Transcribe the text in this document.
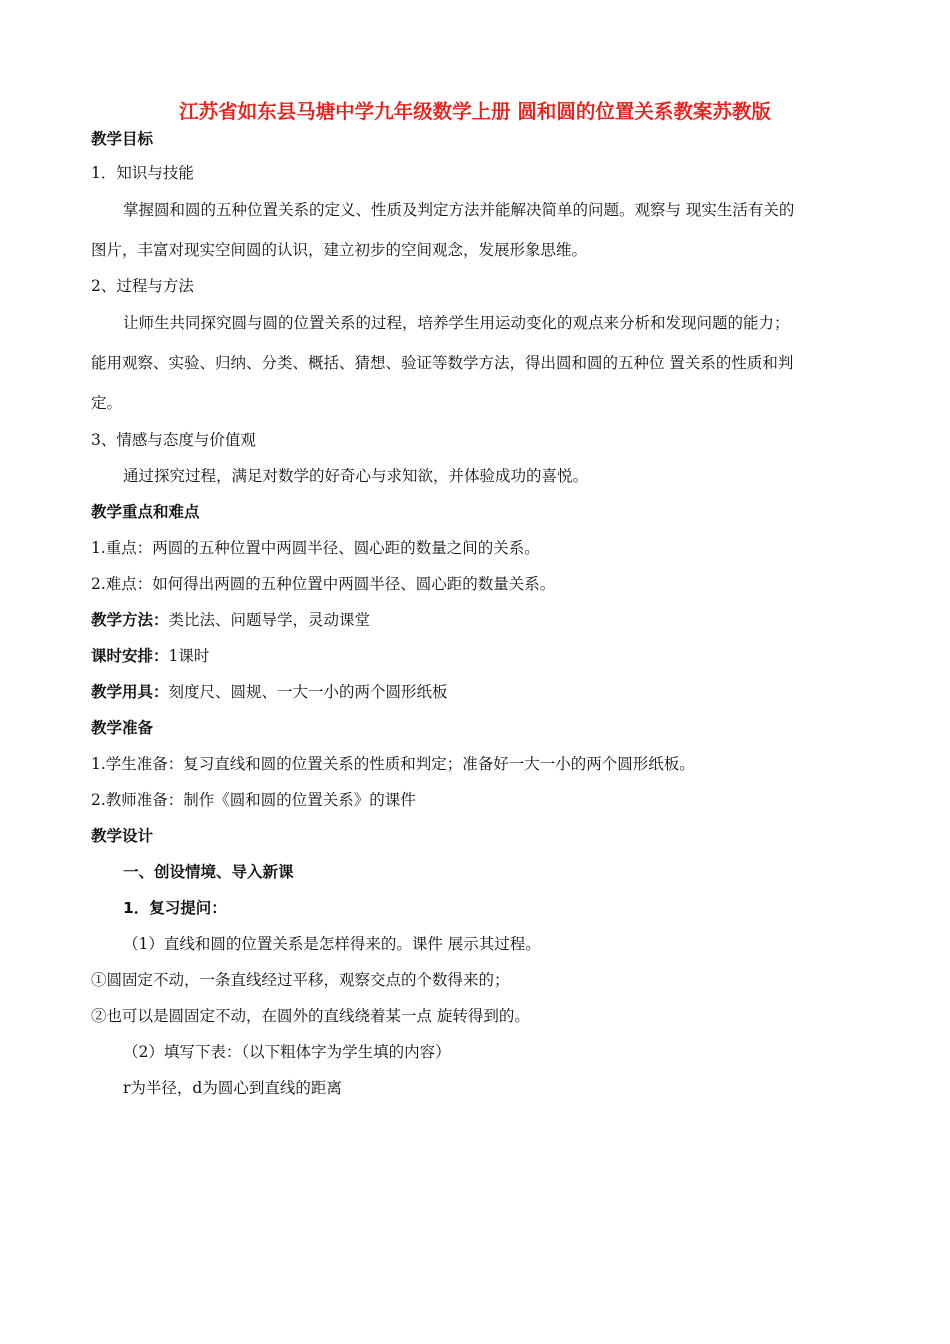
江苏省如东县马塘中学九年级数学上册 圆和圆的位置关系教案苏教版
教学目标
1．知识与技能
掌握圆和圆的五种位置关系的定义、性质及判定方法并能解决简单的问题。观察与 现实生活有关的
图片，丰富对现实空间圆的认识，建立初步的空间观念，发展形象思维。
2、过程与方法
让师生共同探究圆与圆的位置关系的过程，培养学生用运动变化的观点来分析和发现问题的能力；
能用观察、实验、归纳、分类、概括、猜想、验证等数学方法，得出圆和圆的五种位 置关系的性质和判
定。
3、情感与态度与价值观
通过探究过程，满足对数学的好奇心与求知欲，并体验成功的喜悦。
教学重点和难点
1.重点：两圆的五种位置中两圆半径、圆心距的数量之间的关系。
2.难点：如何得出两圆的五种位置中两圆半径、圆心距的数量关系。
教学方法：类比法、问题导学，灵动课堂
课时安排：1课时
教学用具：刻度尺、圆规、一大一小的两个圆形纸板
教学准备
1.学生准备：复习直线和圆的位置关系的性质和判定；准备好一大一小的两个圆形纸板。
2.教师准备：制作《圆和圆的位置关系》的课件
教学设计
一、创设情境、导入新课
1．复习提问：
（1）直线和圆的位置关系是怎样得来的。课件 展示其过程。
①圆固定不动，一条直线经过平移，观察交点的个数得来的；
②也可以是圆固定不动，在圆外的直线绕着某一点 旋转得到的。
（2）填写下表：（以下粗体字为学生填的内容）
r为半径，d为圆心到直线的距离
